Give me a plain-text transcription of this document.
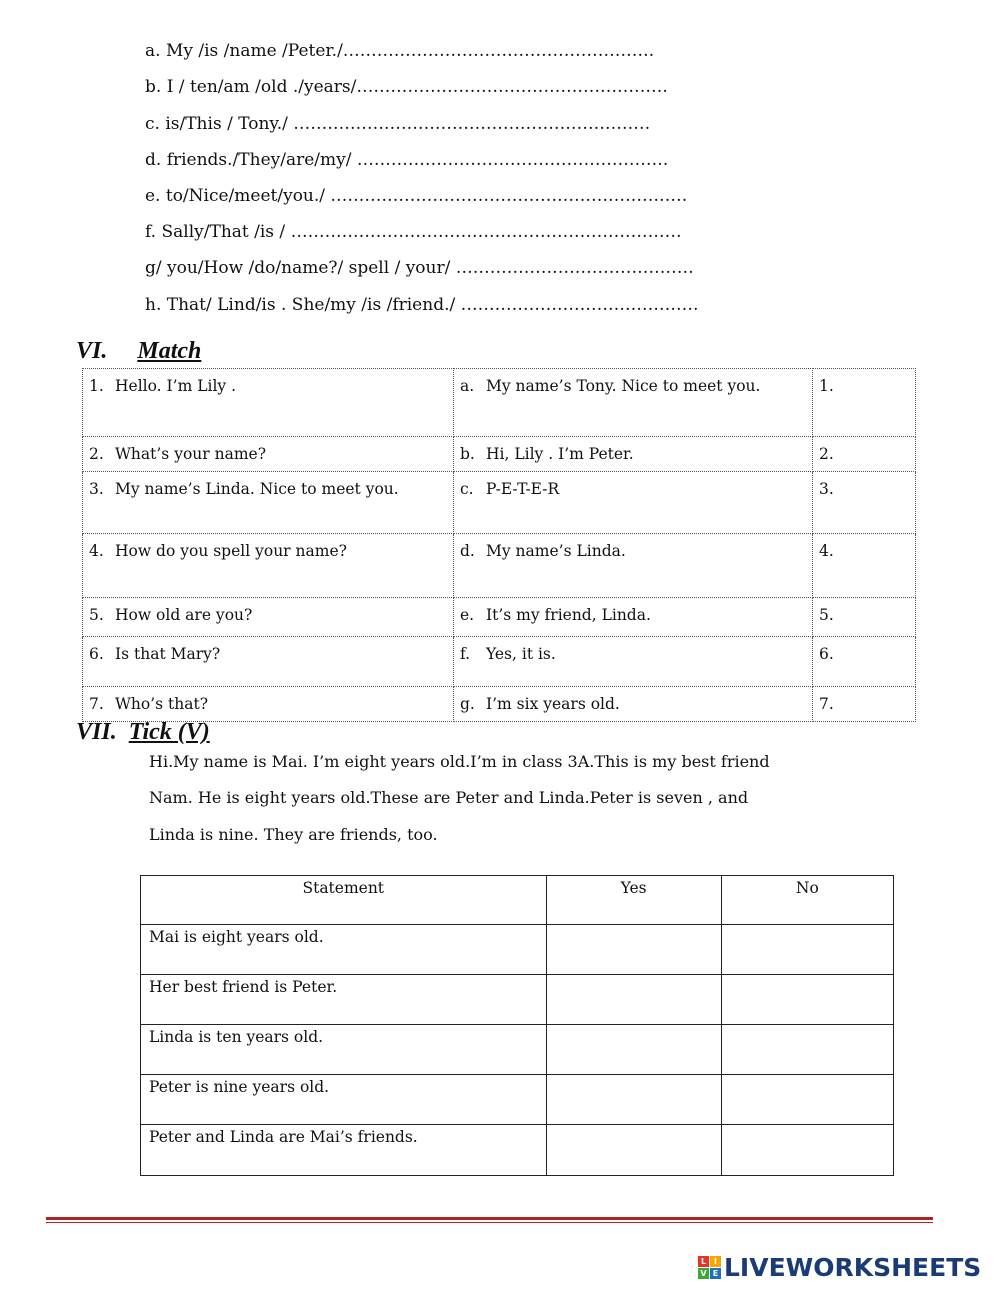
a. My /is /name /Peter./……………………………………………….
b. I / ten/am /old ./years/……………………………………………….
c. is/This / Tony./ ………………………………………………………
d. friends./They/are/my/ ……………………………………………….
e. to/Nice/meet/you./ ………………………………………………………
f. Sally/That /is / ……………………………………………………………
g/ you/How /do/name?/ spell / your/ ……………………………………
h. That/ Lind/is . She/my /is /friend./ ……………………………………
VI. Match
1. Hello. I’m Lily .	a. My name’s Tony. Nice to meet you.	1.
2. What’s your name?	b. Hi, Lily . I’m Peter.	2.
3. My name’s Linda. Nice to meet you.	c. P-E-T-E-R	3.
4. How do you spell your name?	d. My name’s Linda.	4.
5. How old are you?	e. It’s my friend, Linda.	5.
6. Is that Mary?	f. Yes, it is.	6.
7. Who’s that?	g. I’m six years old.	7.
VII. Tick (V)
Hi.My name is Mai. I’m eight years old.I’m in class 3A.This is my best friend
Nam. He is eight years old.These are Peter and Linda.Peter is seven , and
Linda is nine. They are friends, too.
Statement	Yes	No
Mai is eight years old.		
Her best friend is Peter.		
Linda is ten years old.		
Peter is nine years old.		
Peter and Linda are Mai’s friends.		
L I
V E LIVEWORKSHEETS
